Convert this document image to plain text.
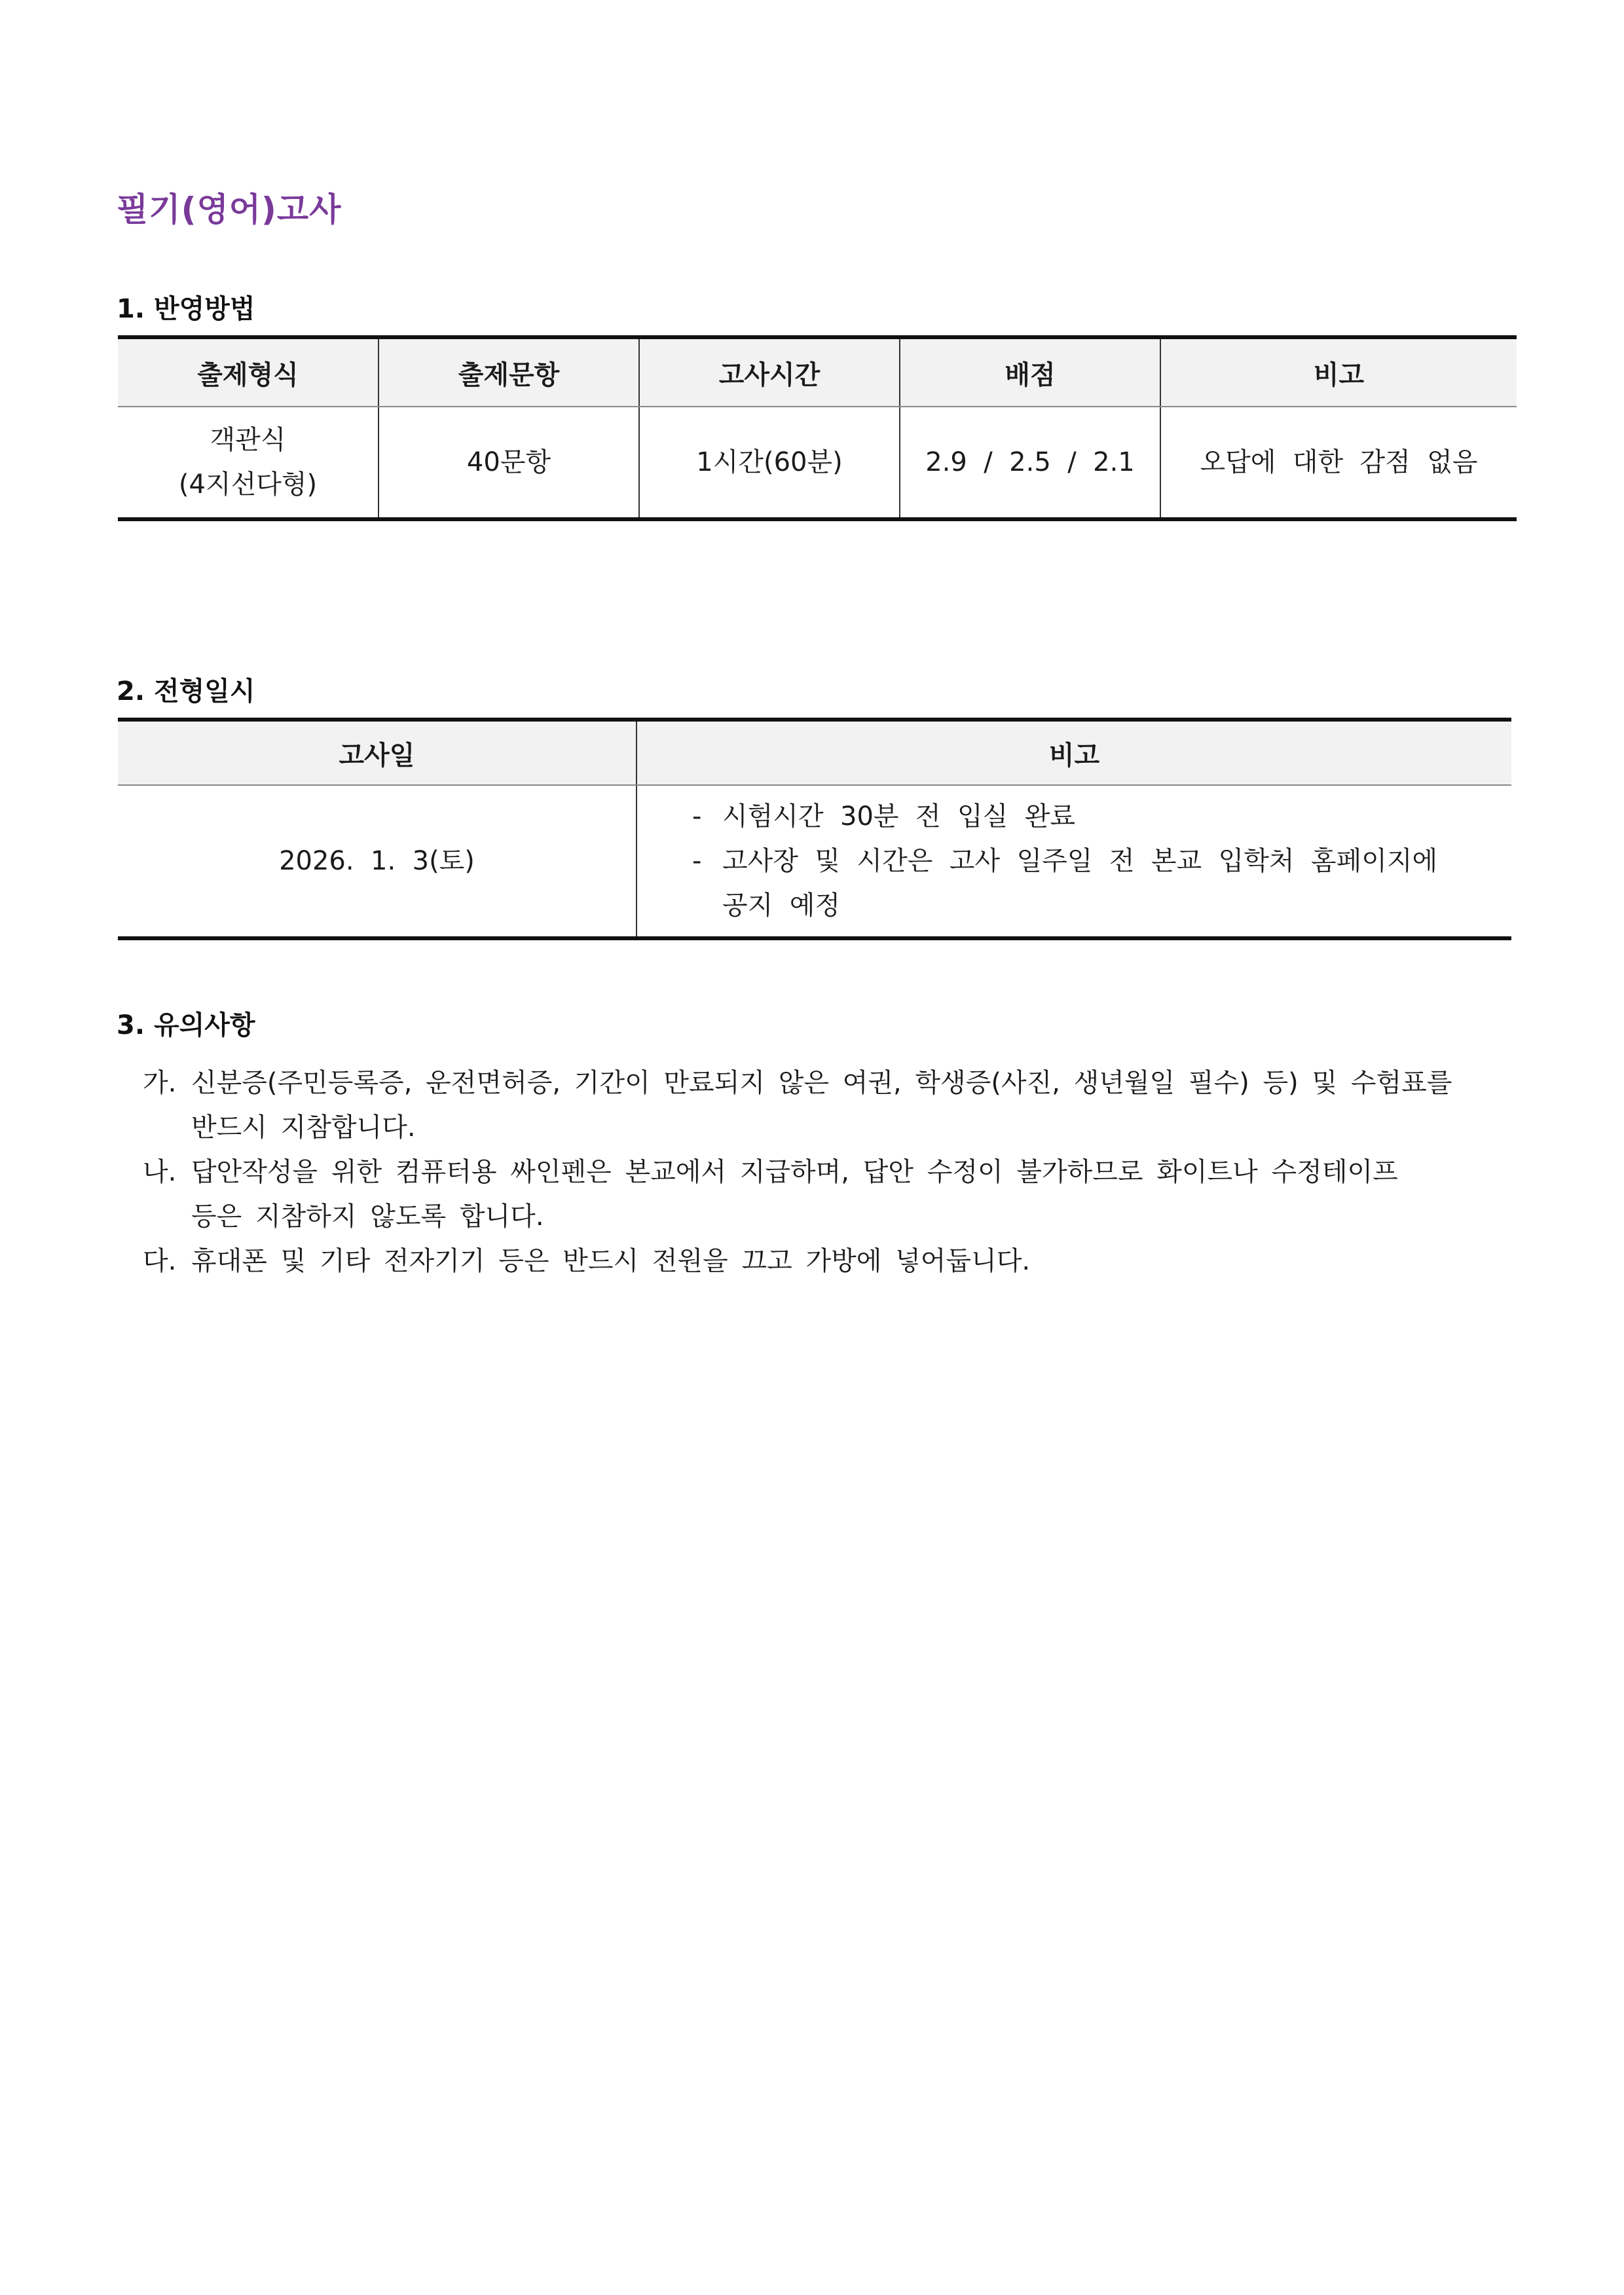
필기(영어)고사
1. 반영방법
출제형식	출제문항	고사시간	배점	비고

객관식
(4지선다형)	40문항	1시간(60분)	2.9  /  2.5  /  2.1	오답에  대한  감점  없음
2. 전형일시
고사일	비고
2026.  1.  3(토)	- 시험시간  30분  전  입실  완료
- 고사장  및  시간은  고사  일주일  전  본교  입학처  홈페이지에
공지  예정
3. 유의사항
가. 신분증(주민등록증, 운전면허증, 기간이 만료되지 않은 여권, 학생증(사진, 생년월일 필수) 등) 및 수험표를
반드시 지참합니다.
나. 답안작성을 위한 컴퓨터용 싸인펜은 본교에서 지급하며, 답안 수정이 불가하므로 화이트나 수정테이프
등은 지참하지 않도록 합니다.
다. 휴대폰 및 기타 전자기기 등은 반드시 전원을 끄고 가방에 넣어둡니다.
